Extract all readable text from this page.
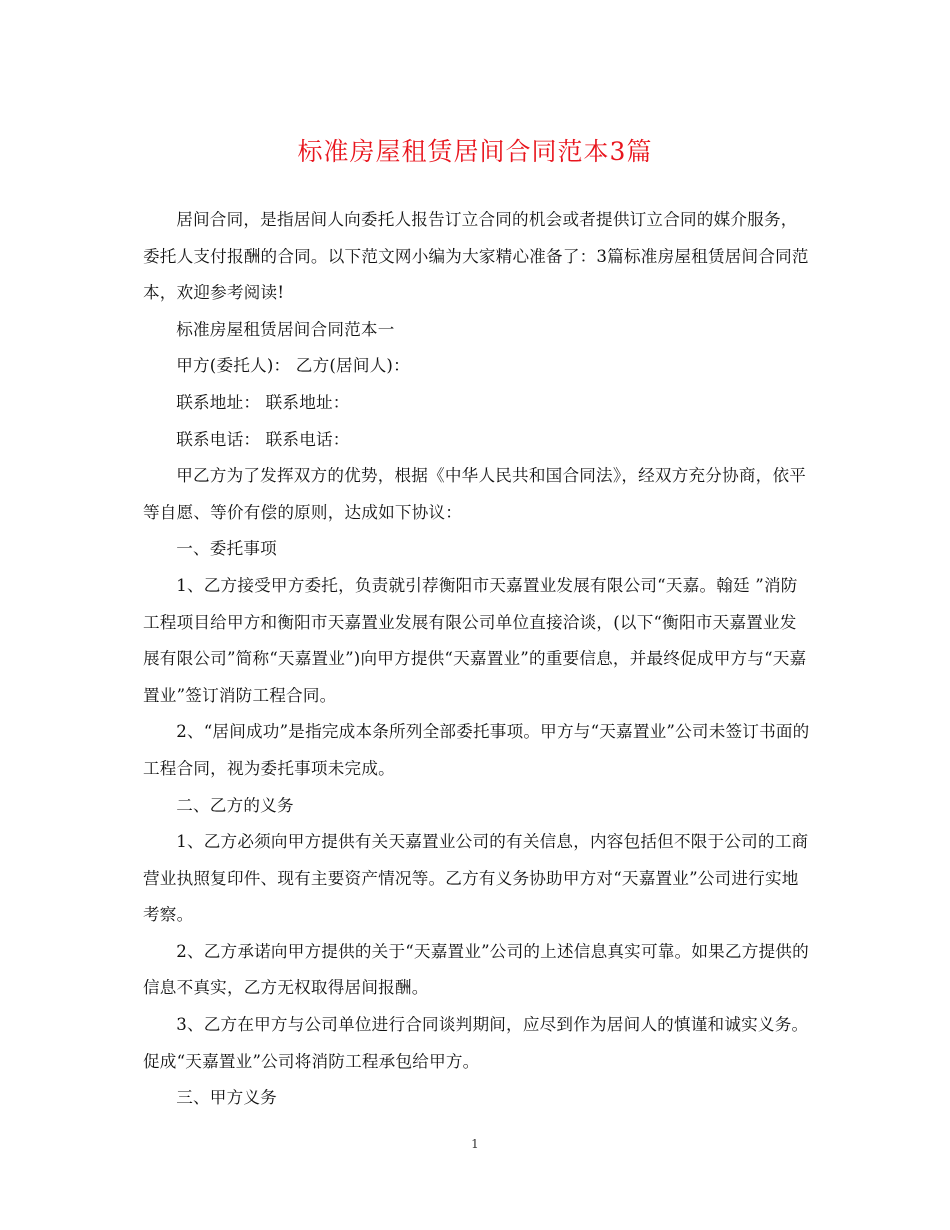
标准房屋租赁居间合同范本3篇

居间合同，是指居间人向委托人报告订立合同的机会或者提供订立合同的媒介服务，委托人支付报酬的合同。以下范文网小编为大家精心准备了：3篇标准房屋租赁居间合同范本，欢迎参考阅读!

标准房屋租赁居间合同范本一

甲方(委托人)： 乙方(居间人)：

联系地址： 联系地址：

联系电话： 联系电话：

甲乙方为了发挥双方的优势，根据《中华人民共和国合同法》，经双方充分协商，依平等自愿、等价有偿的原则，达成如下协议：

一、委托事项

1、乙方接受甲方委托，负责就引荐衡阳市天嘉置业发展有限公司“天嘉。翰廷 ”消防工程项目给甲方和衡阳市天嘉置业发展有限公司单位直接洽谈，(以下“衡阳市天嘉置业发展有限公司”简称“天嘉置业”)向甲方提供“天嘉置业”的重要信息，并最终促成甲方与“天嘉置业”签订消防工程合同。

2、“居间成功”是指完成本条所列全部委托事项。甲方与“天嘉置业”公司未签订书面的工程合同，视为委托事项未完成。

二、乙方的义务

1、乙方必须向甲方提供有关天嘉置业公司的有关信息，内容包括但不限于公司的工商营业执照复印件、现有主要资产情况等。乙方有义务协助甲方对“天嘉置业”公司进行实地考察。

2、乙方承诺向甲方提供的关于“天嘉置业”公司的上述信息真实可靠。如果乙方提供的信息不真实，乙方无权取得居间报酬。

3、乙方在甲方与公司单位进行合同谈判期间，应尽到作为居间人的慎谨和诚实义务。促成“天嘉置业”公司将消防工程承包给甲方。

三、甲方义务

1
